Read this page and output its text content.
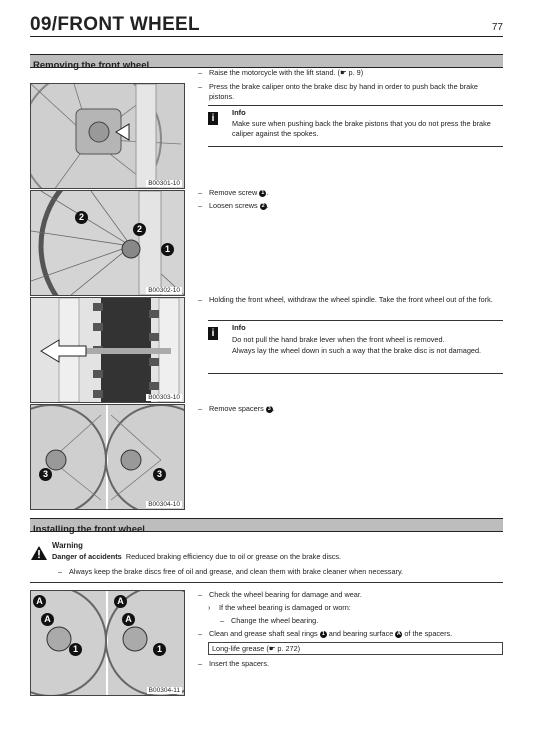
09/FRONT WHEEL	77
Removing the front wheel
B00301-10
2
2
1
B00302-10
B00303-10
3	3
B00304-10
– Raise the motorcycle with the lift stand. (☛ p. 9)
– Press the brake caliper onto the brake disc by hand in order to push back the brake pistons.
i
Info
Make sure when pushing back the brake pistons that you do not press the brake caliper against the spokes.
– Remove screw 1 .
– Loosen screws 2 .
– Holding the front wheel, withdraw the wheel spindle. Take the front wheel out of the fork.
i
Info
Do not pull the hand brake lever when the front wheel is removed.
Always lay the wheel down in such a way that the brake disc is not damaged.
– Remove spacers 3 .
Installing the front wheel
Warning
Danger of accidents Reduced braking efficiency due to oil or grease on the brake discs.
– Always keep the brake discs free of oil and grease, and clean them with brake cleaner when necessary.
A
A
A
A
1	1
B00304-11
– Check the wheel bearing for damage and wear.
›	If the wheel bearing is damaged or worn:
– Change the wheel bearing.
– Clean and grease shaft seal rings 1 and bearing surface A of the spacers.
Long-life grease (☛ p. 272)
– Insert the spacers.
